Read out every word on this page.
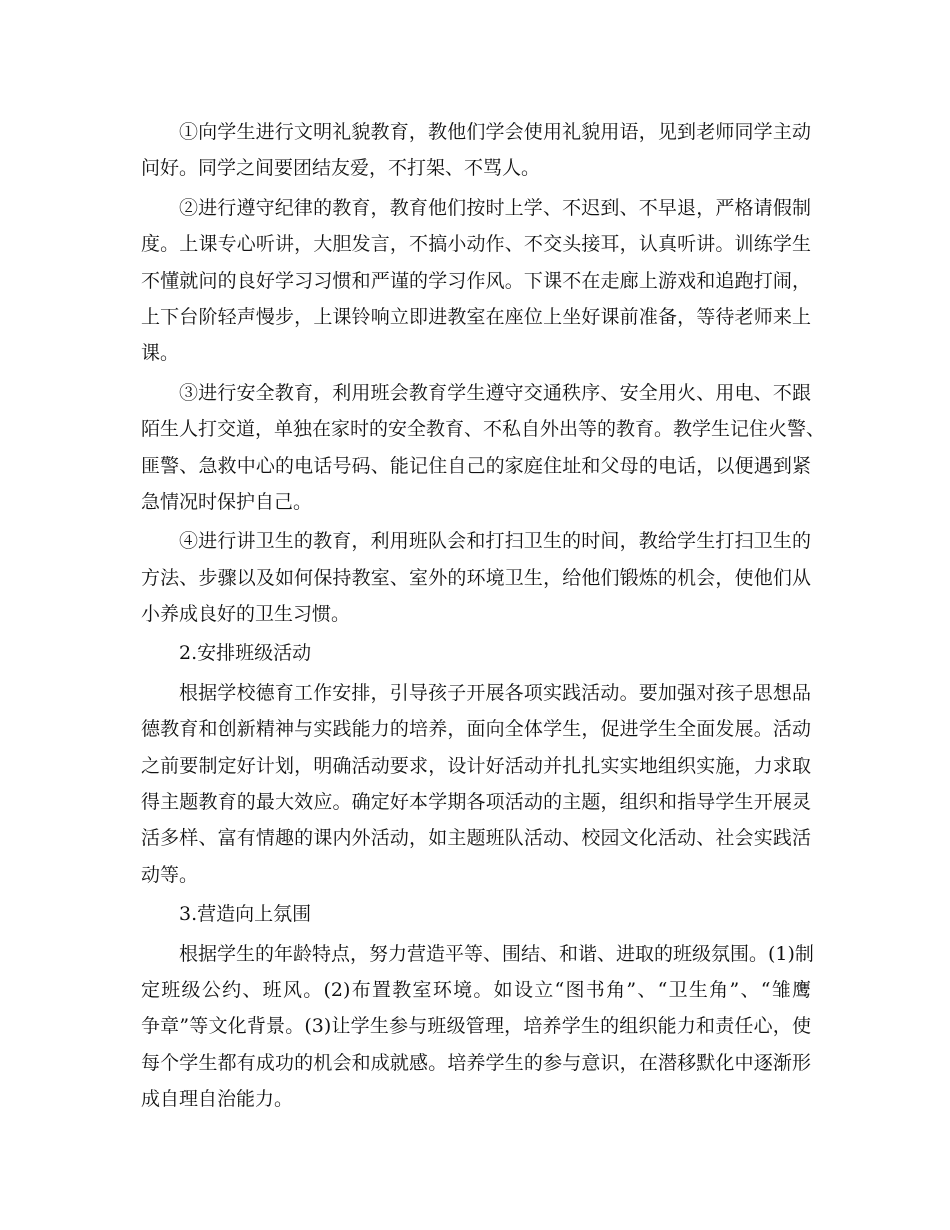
①向学生进行文明礼貌教育，教他们学会使用礼貌用语，见到老师同学主动
问好。同学之间要团结友爱，不打架、不骂人。
②进行遵守纪律的教育，教育他们按时上学、不迟到、不早退，严格请假制
度。上课专心听讲，大胆发言，不搞小动作、不交头接耳，认真听讲。训练学生
不懂就问的良好学习习惯和严谨的学习作风。下课不在走廊上游戏和追跑打闹，
上下台阶轻声慢步，上课铃响立即进教室在座位上坐好课前准备，等待老师来上
课。
③进行安全教育，利用班会教育学生遵守交通秩序、安全用火、用电、不跟
陌生人打交道，单独在家时的安全教育、不私自外出等的教育。教学生记住火警、
匪警、急救中心的电话号码、能记住自己的家庭住址和父母的电话，以便遇到紧
急情况时保护自己。
④进行讲卫生的教育，利用班队会和打扫卫生的时间，教给学生打扫卫生的
方法、步骤以及如何保持教室、室外的环境卫生，给他们锻炼的机会，使他们从
小养成良好的卫生习惯。
2.安排班级活动
根据学校德育工作安排，引导孩子开展各项实践活动。要加强对孩子思想品
德教育和创新精神与实践能力的培养，面向全体学生，促进学生全面发展。活动
之前要制定好计划，明确活动要求，设计好活动并扎扎实实地组织实施，力求取
得主题教育的最大效应。确定好本学期各项活动的主题，组织和指导学生开展灵
活多样、富有情趣的课内外活动，如主题班队活动、校园文化活动、社会实践活
动等。
3.营造向上氛围
根据学生的年龄特点，努力营造平等、围结、和谐、进取的班级氛围。(1)制
定班级公约、班风。(2)布置教室环境。如设立“图书角”、“卫生角”、“雏鹰
争章”等文化背景。(3)让学生参与班级管理，培养学生的组织能力和责任心，使
每个学生都有成功的机会和成就感。培养学生的参与意识，在潜移默化中逐渐形
成自理自治能力。
